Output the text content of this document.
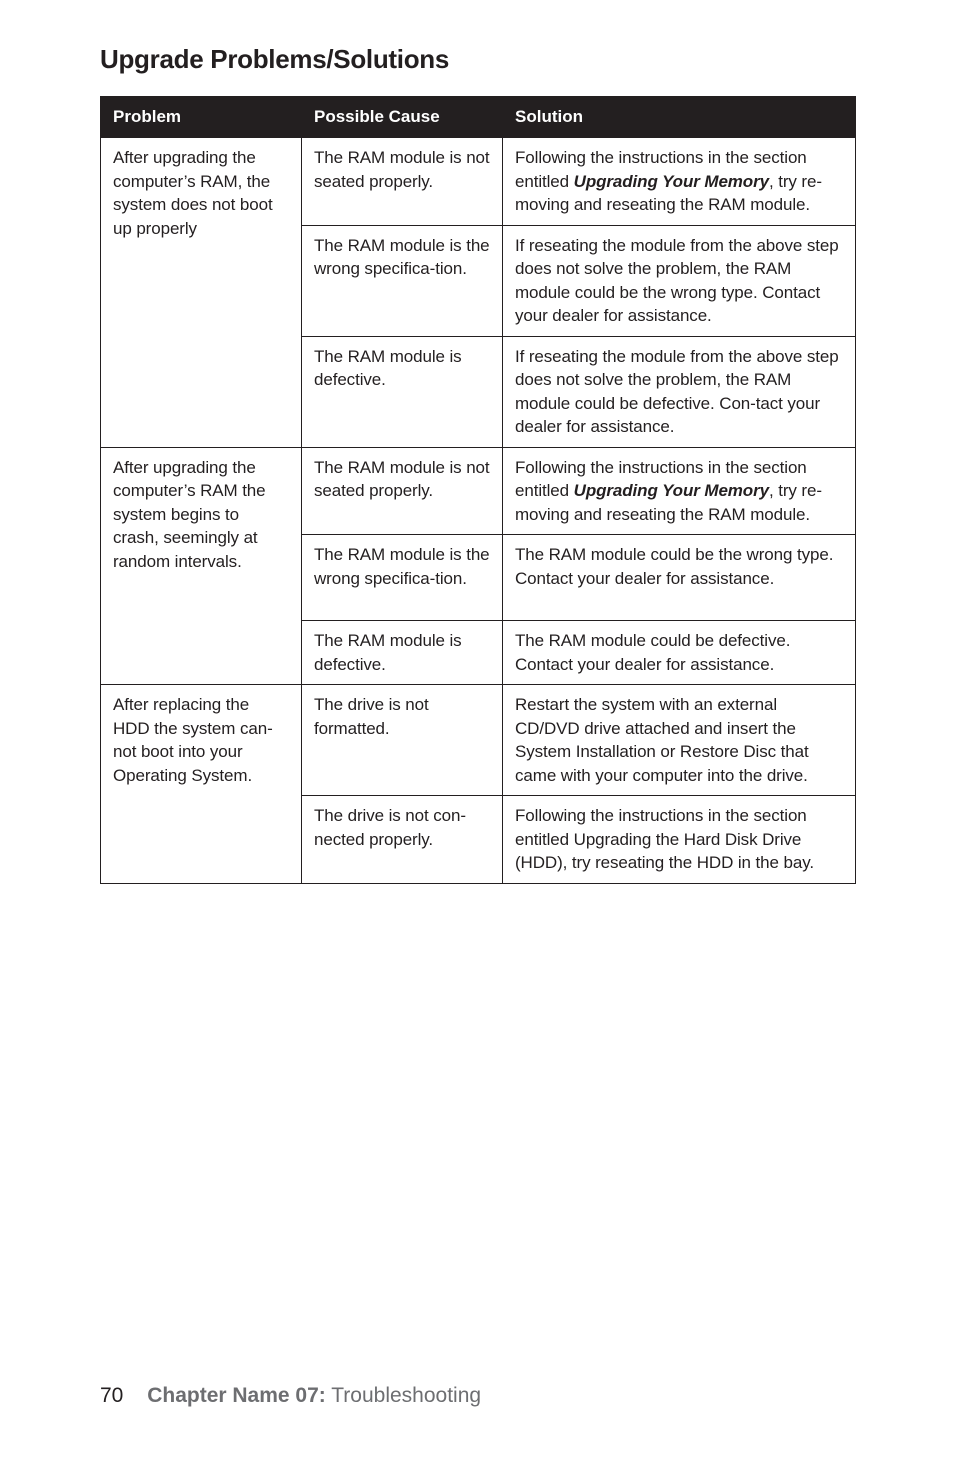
Upgrade Problems/Solutions
Problem	Possible Cause	Solution
After upgrading the computer’s RAM, the system does not boot up properly	The RAM module is not seated properly.	Following the instructions in the section entitled Upgrading Your Memory, try re-moving and reseating the RAM module.
	The RAM module is the wrong specifica-tion.	If reseating the module from the above step does not solve the problem, the RAM module could be the wrong type. Contact your dealer for assistance.
	The RAM module is defective.	If reseating the module from the above step does not solve the problem, the RAM module could be defective. Con-tact your dealer for assistance.
After upgrading the computer’s RAM the system begins to crash, seemingly at random intervals.	The RAM module is not seated properly.	Following the instructions in the section entitled Upgrading Your Memory, try re-moving and reseating the RAM module.
	The RAM module is the wrong specifica-tion.	The RAM module could be the wrong type. Contact your dealer for assistance.
	The RAM module is defective.	The RAM module could be defective. Contact your dealer for assistance.
After replacing the HDD the system can-not boot into your Operating System.	The drive is not formatted.	Restart the system with an external CD/DVD drive attached and insert the System Installation or Restore Disc that came with your computer into the drive.
	The drive is not con-nected properly.	Following the instructions in the section entitled Upgrading the Hard Disk Drive (HDD), try reseating the HDD in the bay.
70 Chapter Name 07: Troubleshooting
